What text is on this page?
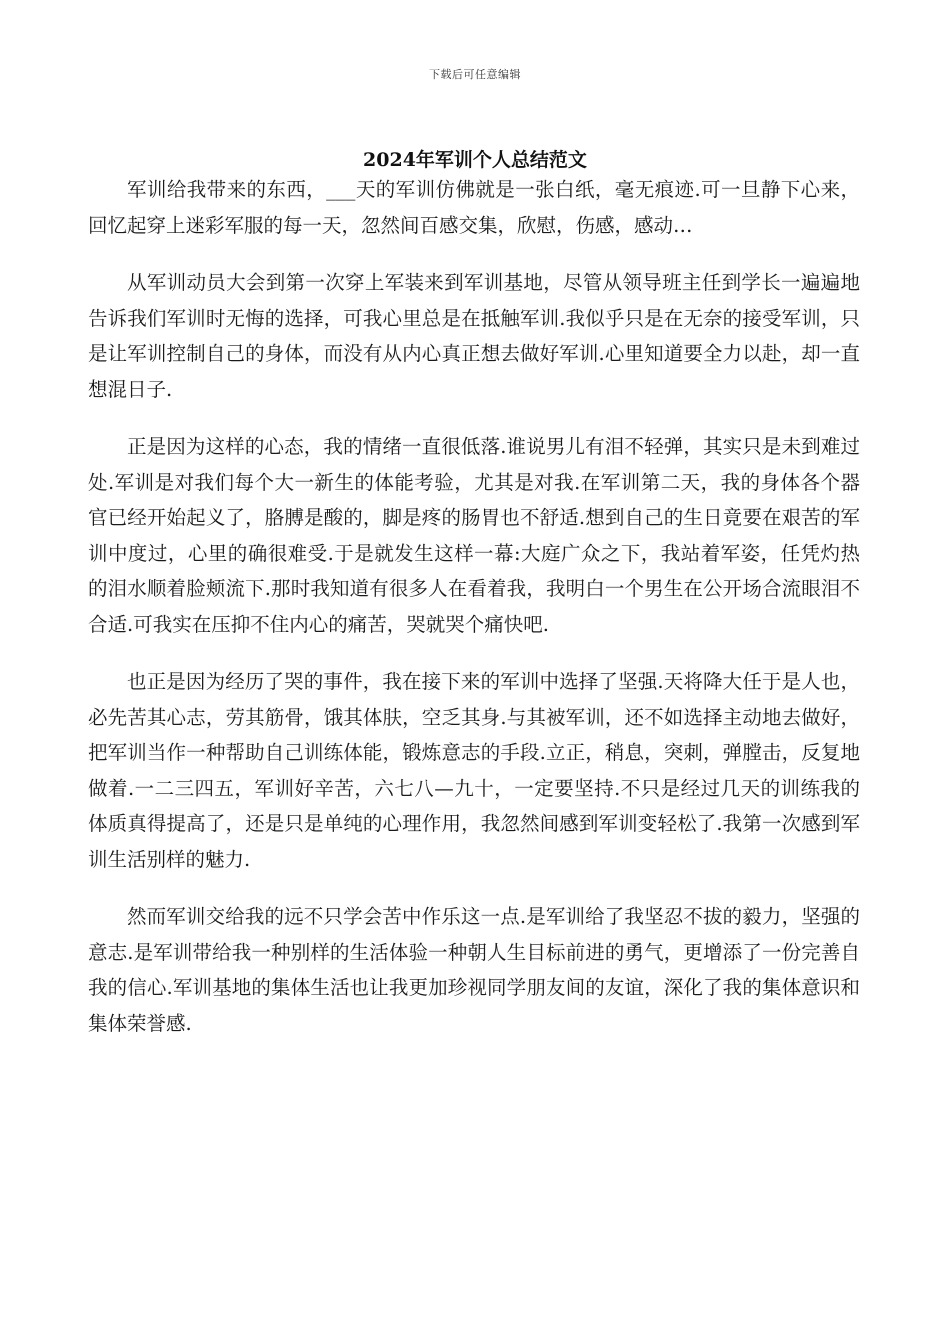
下载后可任意编辑
2024年军训个人总结范文

军训给我带来的东西，___天的军训仿佛就是一张白纸，毫无痕迹.可一旦静下心来，回忆起穿上迷彩军服的每一天，忽然间百感交集，欣慰，伤感，感动…

从军训动员大会到第一次穿上军装来到军训基地，尽管从领导班主任到学长一遍遍地告诉我们军训时无悔的选择，可我心里总是在抵触军训.我似乎只是在无奈的接受军训，只是让军训控制自己的身体，而没有从内心真正想去做好军训.心里知道要全力以赴，却一直想混日子.

正是因为这样的心态，我的情绪一直很低落.谁说男儿有泪不轻弹，其实只是未到难过处.军训是对我们每个大一新生的体能考验，尤其是对我.在军训第二天，我的身体各个器官已经开始起义了，胳膊是酸的，脚是疼的肠胃也不舒适.想到自己的生日竟要在艰苦的军训中度过，心里的确很难受.于是就发生这样一幕:大庭广众之下，我站着军姿，任凭灼热的泪水顺着脸颊流下.那时我知道有很多人在看着我，我明白一个男生在公开场合流眼泪不合适.可我实在压抑不住内心的痛苦，哭就哭个痛快吧.

也正是因为经历了哭的事件，我在接下来的军训中选择了坚强.天将降大任于是人也，必先苦其心志，劳其筋骨，饿其体肤，空乏其身.与其被军训，还不如选择主动地去做好，把军训当作一种帮助自己训练体能，锻炼意志的手段.立正，稍息，突刺，弹膛击，反复地做着.一二三四五，军训好辛苦，六七八—九十，一定要坚持.不只是经过几天的训练我的体质真得提高了，还是只是单纯的心理作用，我忽然间感到军训变轻松了.我第一次感到军训生活别样的魅力.

然而军训交给我的远不只学会苦中作乐这一点.是军训给了我坚忍不拔的毅力，坚强的意志.是军训带给我一种别样的生活体验一种朝人生目标前进的勇气，更增添了一份完善自我的信心.军训基地的集体生活也让我更加珍视同学朋友间的友谊，深化了我的集体意识和集体荣誉感.
